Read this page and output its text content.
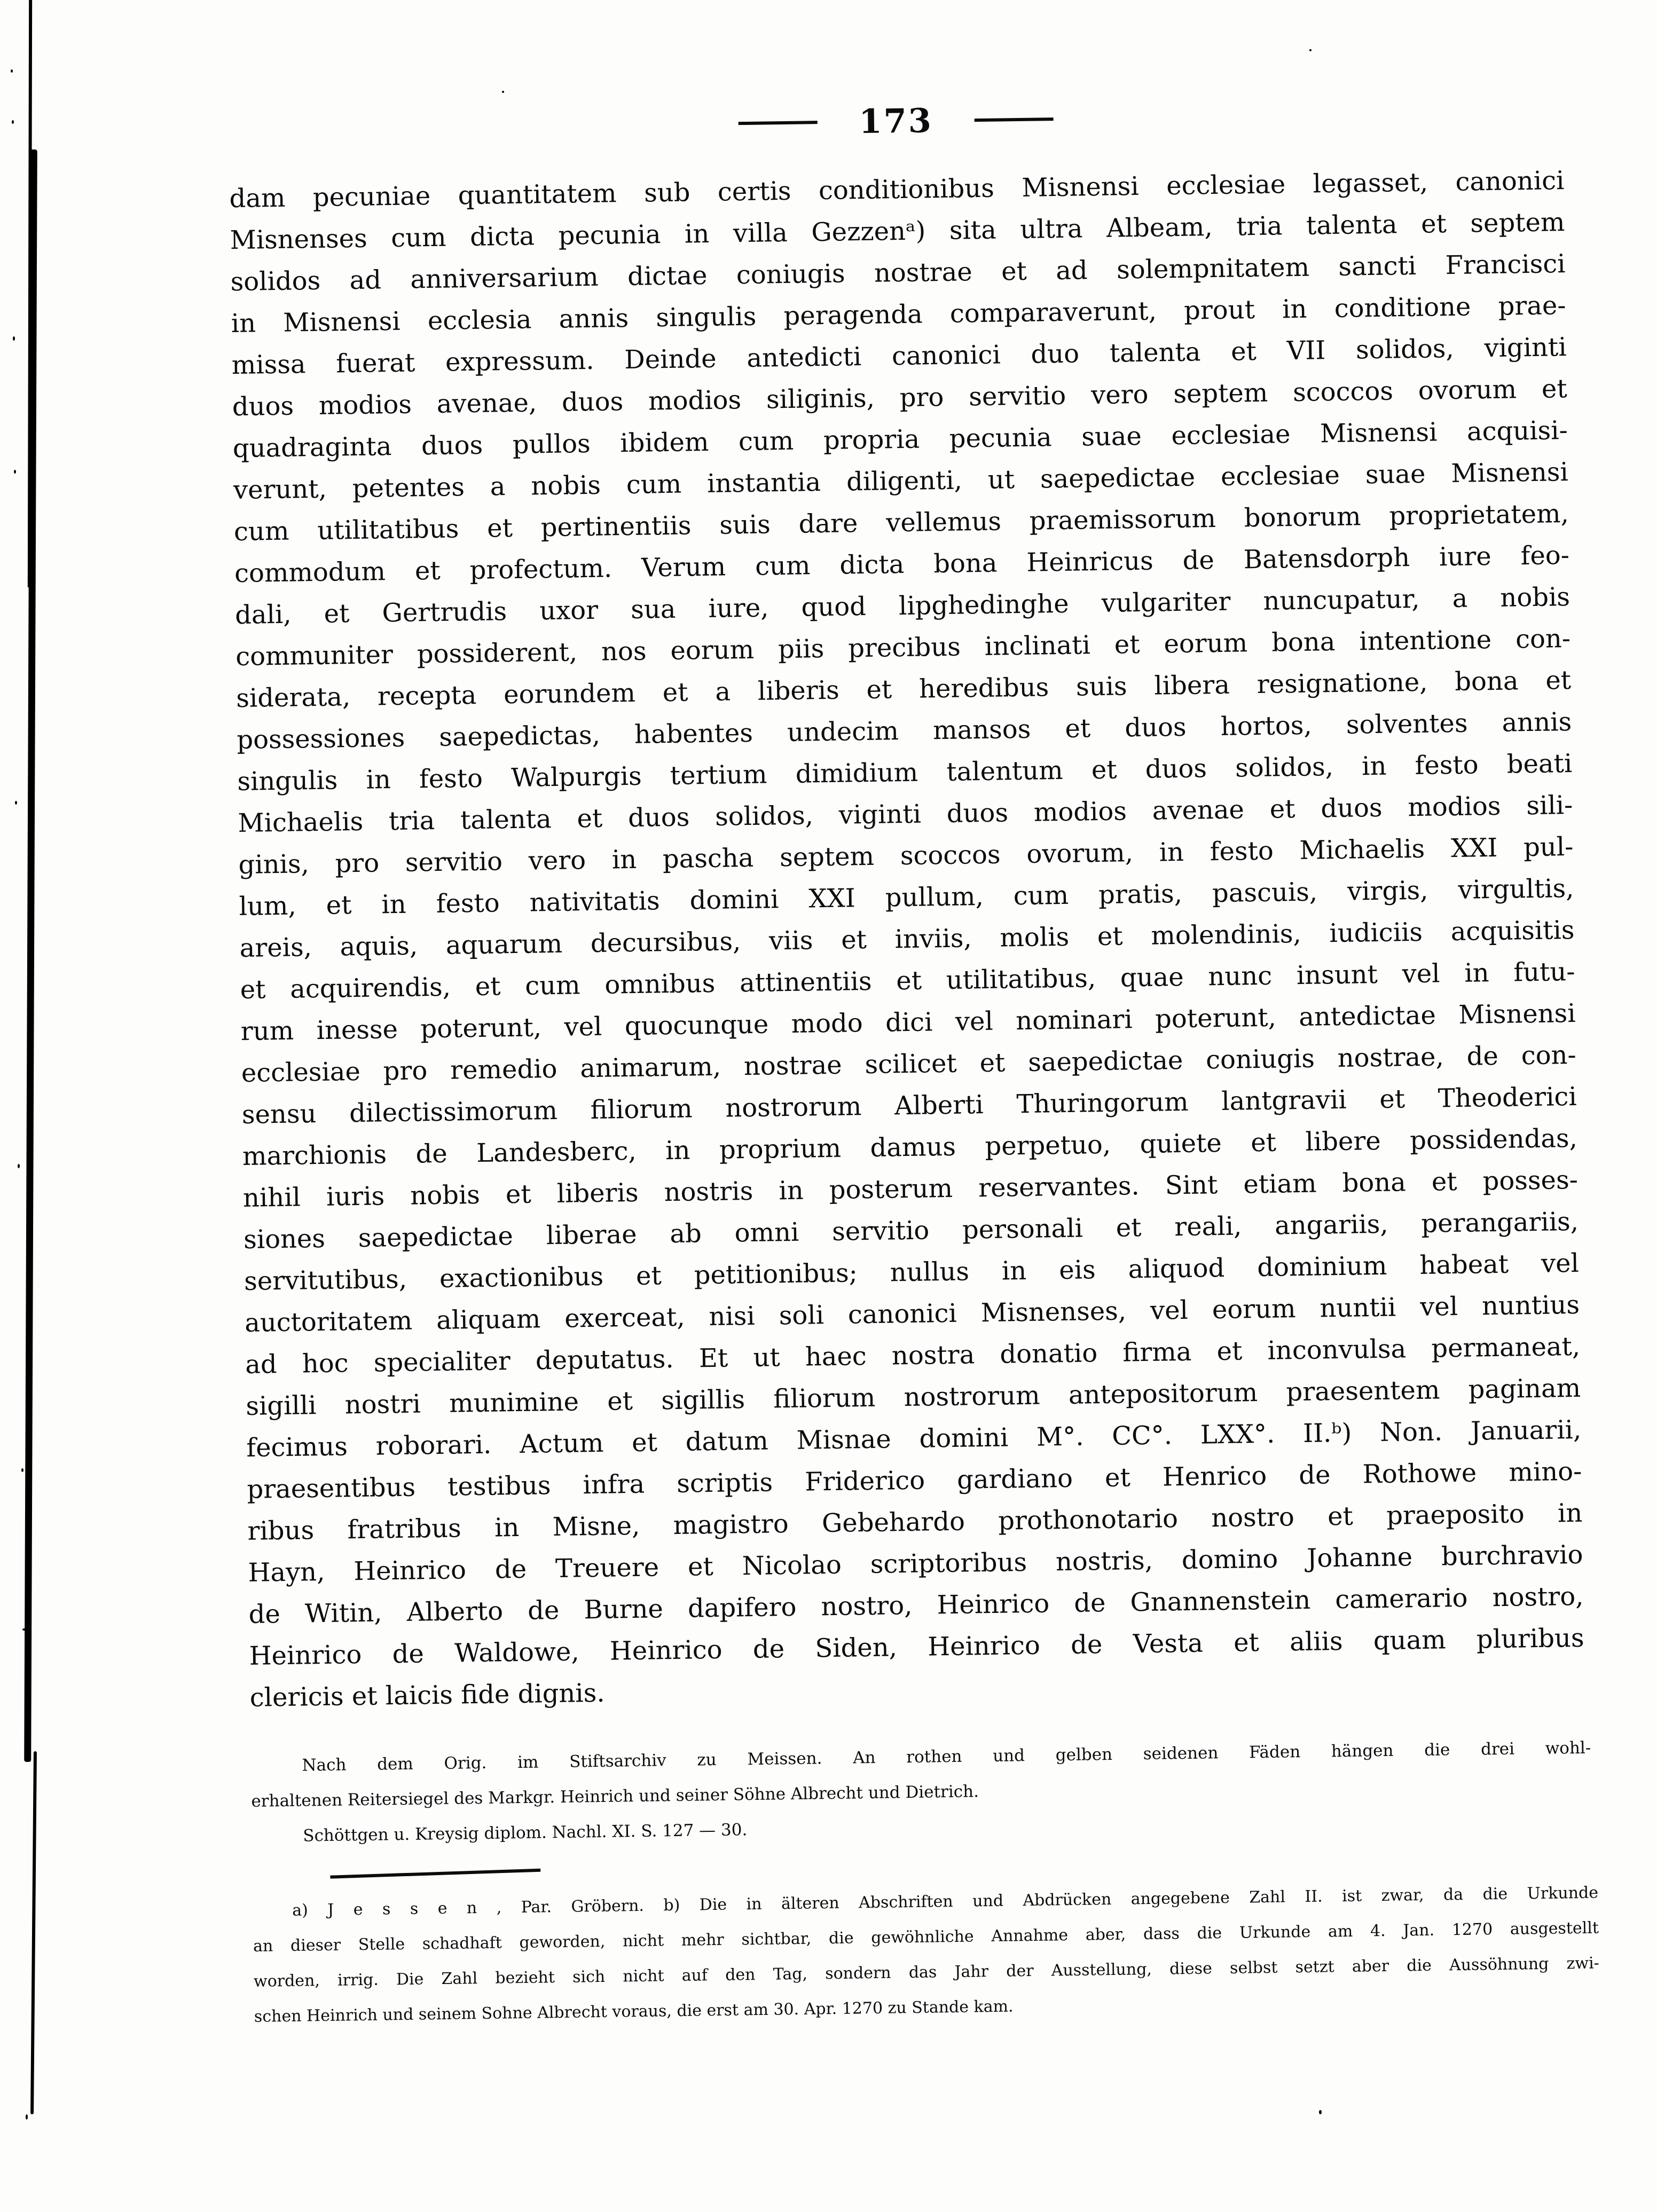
173
dam pecuniae quantitatem sub certis conditionibus Misnensi ecclesiae legasset, canonici
Misnenses cum dicta pecunia in villa Gezzenᵃ) sita ultra Albeam, tria talenta et septem
solidos ad anniversarium dictae coniugis nostrae et ad solempnitatem sancti Francisci
in Misnensi ecclesia annis singulis peragenda comparaverunt, prout in conditione prae-
missa fuerat expressum. Deinde antedicti canonici duo talenta et VII solidos, viginti
duos modios avenae, duos modios siliginis, pro servitio vero septem scoccos ovorum et
quadraginta duos pullos ibidem cum propria pecunia suae ecclesiae Misnensi acquisi-
verunt, petentes a nobis cum instantia diligenti, ut saepedictae ecclesiae suae Misnensi
cum utilitatibus et pertinentiis suis dare vellemus praemissorum bonorum proprietatem,
commodum et profectum. Verum cum dicta bona Heinricus de Batensdorph iure feo-
dali, et Gertrudis uxor sua iure, quod lipghedinghe vulgariter nuncupatur, a nobis
communiter possiderent, nos eorum piis precibus inclinati et eorum bona intentione con-
siderata, recepta eorundem et a liberis et heredibus suis libera resignatione, bona et
possessiones saepedictas, habentes undecim mansos et duos hortos, solventes annis
singulis in festo Walpurgis tertium dimidium talentum et duos solidos, in festo beati
Michaelis tria talenta et duos solidos, viginti duos modios avenae et duos modios sili-
ginis, pro servitio vero in pascha septem scoccos ovorum, in festo Michaelis XXI pul-
lum, et in festo nativitatis domini XXI pullum, cum pratis, pascuis, virgis, virgultis,
areis, aquis, aquarum decursibus, viis et inviis, molis et molendinis, iudiciis acquisitis
et acquirendis, et cum omnibus attinentiis et utilitatibus, quae nunc insunt vel in futu-
rum inesse poterunt, vel quocunque modo dici vel nominari poterunt, antedictae Misnensi
ecclesiae pro remedio animarum, nostrae scilicet et saepedictae coniugis nostrae, de con-
sensu dilectissimorum filiorum nostrorum Alberti Thuringorum lantgravii et Theoderici
marchionis de Landesberc, in proprium damus perpetuo, quiete et libere possidendas,
nihil iuris nobis et liberis nostris in posterum reservantes. Sint etiam bona et posses-
siones saepedictae liberae ab omni servitio personali et reali, angariis, perangariis,
servitutibus, exactionibus et petitionibus; nullus in eis aliquod dominium habeat vel
auctoritatem aliquam exerceat, nisi soli canonici Misnenses, vel eorum nuntii vel nuntius
ad hoc specialiter deputatus. Et ut haec nostra donatio firma et inconvulsa permaneat,
sigilli nostri munimine et sigillis filiorum nostrorum antepositorum praesentem paginam
fecimus roborari. Actum et datum Misnae domini M°. CC°. LXX°. II.ᵇ) Non. Januarii,
praesentibus testibus infra scriptis Friderico gardiano et Henrico de Rothowe mino-
ribus fratribus in Misne, magistro Gebehardo prothonotario nostro et praeposito in
Hayn, Heinrico de Treuere et Nicolao scriptoribus nostris, domino Johanne burchravio
de Witin, Alberto de Burne dapifero nostro, Heinrico de Gnannenstein camerario nostro,
Heinrico de Waldowe, Heinrico de Siden, Heinrico de Vesta et aliis quam pluribus
clericis et laicis fide dignis.
Nach dem Orig. im Stiftsarchiv zu Meissen. An rothen und gelben seidenen Fäden hängen die drei wohl-
erhaltenen Reitersiegel des Markgr. Heinrich und seiner Söhne Albrecht und Dietrich.
Schöttgen u. Kreysig diplom. Nachl. XI. S. 127 — 30.
a) J e s s e n , Par. Gröbern. b) Die in älteren Abschriften und Abdrücken angegebene Zahl II. ist zwar, da die Urkunde
an dieser Stelle schadhaft geworden, nicht mehr sichtbar, die gewöhnliche Annahme aber, dass die Urkunde am 4. Jan. 1270 ausgestellt
worden, irrig. Die Zahl bezieht sich nicht auf den Tag, sondern das Jahr der Ausstellung, diese selbst setzt aber die Aussöhnung zwi-
schen Heinrich und seinem Sohne Albrecht voraus, die erst am 30. Apr. 1270 zu Stande kam.
